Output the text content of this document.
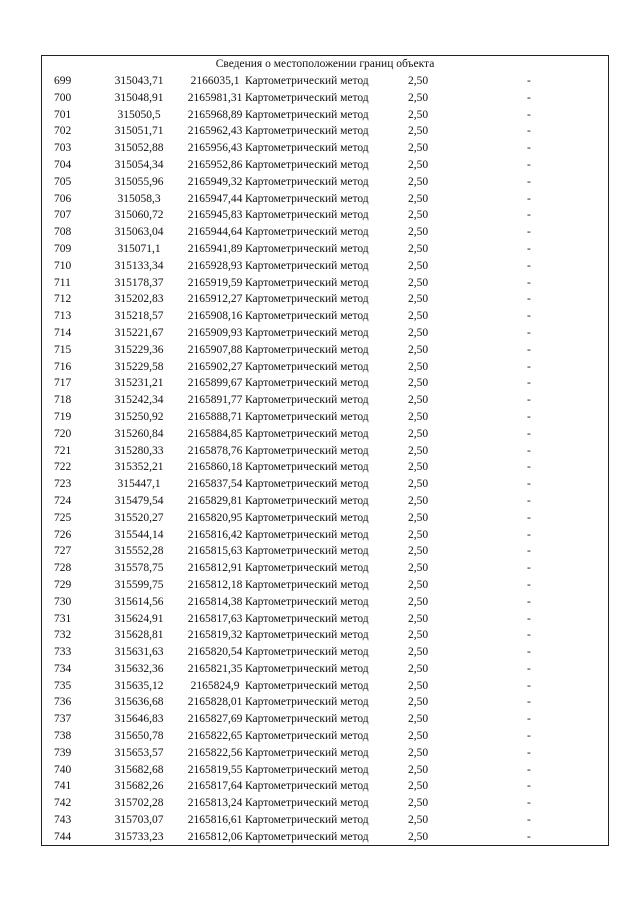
Сведения о местоположении границ объекта
699	315043,71	2166035,1 Картометрический метод	2,50	-
700	315048,91	2165981,31 Картометрический метод	2,50	-
701	315050,5	2165968,89 Картометрический метод	2,50	-
702	315051,71	2165962,43 Картометрический метод	2,50	-
703	315052,88	2165956,43 Картометрический метод	2,50	-
704	315054,34	2165952,86 Картометрический метод	2,50	-
705	315055,96	2165949,32 Картометрический метод	2,50	-
706	315058,3	2165947,44 Картометрический метод	2,50	-
707	315060,72	2165945,83 Картометрический метод	2,50	-
708	315063,04	2165944,64 Картометрический метод	2,50	-
709	315071,1	2165941,89 Картометрический метод	2,50	-
710	315133,34	2165928,93 Картометрический метод	2,50	-
711	315178,37	2165919,59 Картометрический метод	2,50	-
712	315202,83	2165912,27 Картометрический метод	2,50	-
713	315218,57	2165908,16 Картометрический метод	2,50	-
714	315221,67	2165909,93 Картометрический метод	2,50	-
715	315229,36	2165907,88 Картометрический метод	2,50	-
716	315229,58	2165902,27 Картометрический метод	2,50	-
717	315231,21	2165899,67 Картометрический метод	2,50	-
718	315242,34	2165891,77 Картометрический метод	2,50	-
719	315250,92	2165888,71 Картометрический метод	2,50	-
720	315260,84	2165884,85 Картометрический метод	2,50	-
721	315280,33	2165878,76 Картометрический метод	2,50	-
722	315352,21	2165860,18 Картометрический метод	2,50	-
723	315447,1	2165837,54 Картометрический метод	2,50	-
724	315479,54	2165829,81 Картометрический метод	2,50	-
725	315520,27	2165820,95 Картометрический метод	2,50	-
726	315544,14	2165816,42 Картометрический метод	2,50	-
727	315552,28	2165815,63 Картометрический метод	2,50	-
728	315578,75	2165812,91 Картометрический метод	2,50	-
729	315599,75	2165812,18 Картометрический метод	2,50	-
730	315614,56	2165814,38 Картометрический метод	2,50	-
731	315624,91	2165817,63 Картометрический метод	2,50	-
732	315628,81	2165819,32 Картометрический метод	2,50	-
733	315631,63	2165820,54 Картометрический метод	2,50	-
734	315632,36	2165821,35 Картометрический метод	2,50	-
735	315635,12	2165824,9 Картометрический метод	2,50	-
736	315636,68	2165828,01 Картометрический метод	2,50	-
737	315646,83	2165827,69 Картометрический метод	2,50	-
738	315650,78	2165822,65 Картометрический метод	2,50	-
739	315653,57	2165822,56 Картометрический метод	2,50	-
740	315682,68	2165819,55 Картометрический метод	2,50	-
741	315682,26	2165817,64 Картометрический метод	2,50	-
742	315702,28	2165813,24 Картометрический метод	2,50	-
743	315703,07	2165816,61 Картометрический метод	2,50	-
744	315733,23	2165812,06 Картометрический метод	2,50	-
